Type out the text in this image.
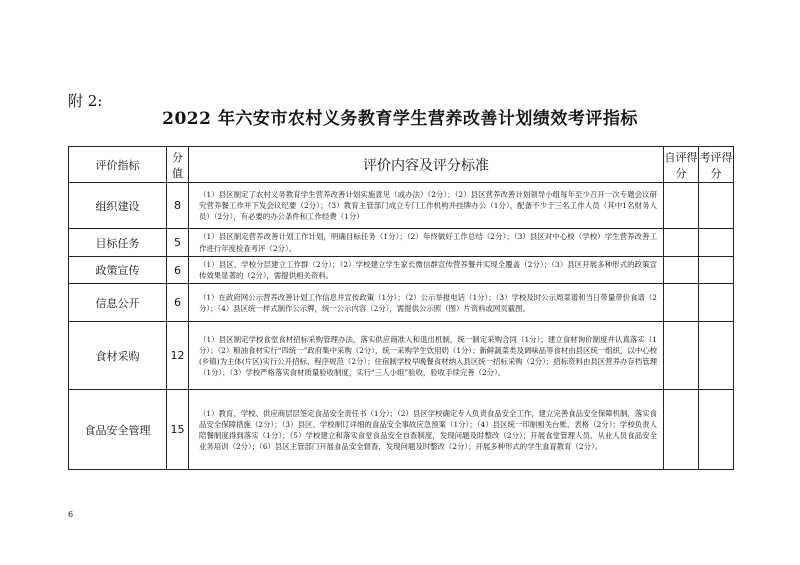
附 2:
2022 年六安市农村义务教育学生营养改善计划绩效考评指标
评价指标	分值	评价内容及评分标准	自评得分	考评得分
组织建设	8	（1）县区制定了农村义务教育学生营养改善计划实施意见（或办法）（2分）；（2）县区营养改善计划领导小组每年至少召开一次专题会议研究营养餐工作并下发会议纪要（2分）；（3）教育主管部门成立专门工作机构并挂牌办公（1分），配备不少于三名工作人员（其中1名财务人员）（2分），有必要的办公条件和工作经费（1分）		
目标任务	5	（1）县区制定营养改善计划工作计划，明确目标任务（1分）；（2）年终做好工作总结（2分）；（3）县区对中心校（学校）学生营养改善工作进行年度检查考评（2分）。		
政策宣传	6	（1）县区、学校分层建立工作群（2分）；（2）学校建立学生家长微信群宣传营养餐并实现全覆盖（2分）；（3）县区开展多种形式的政策宣传效果显著的（2分），需提供相关资料。		
信息公开	6	（1）在政府网公示营养改善计划工作信息并宣传政策（1分）；（2）公示举报电话（1分）；（3）学校及时公示周菜谱和当日带量带价食谱（2分）；（4）县区统一样式制作公示牌，统一公示内容（2分），需提供公示照（图）片资料或网页截图。		
食材采购	12	（1）县区制定学校食堂食材招标采购管理办法，落实供应商准入和退出机制，统一制定采购合同（1分）；建立食材询价制度并认真落实（1分）；（2）粮油食材实行“四统一”政府集中采购（2分），统一采购学生饮用奶（1分）；新鲜蔬菜类及调味品等食材由县区统一组织，以中心校(乡镇)为主体(片区)实行公开招标，程序规范（2分）；住宿制学校早晚餐食材纳入县区统一招标采购（2分）；招标资料由县区营养办存档管理（1分）；（3）学校严格落实食材质量验收制度，实行“三人小组”验收，验收手续完善（2分）。		
食品安全管理	15	（1）教育、学校、供应商层层签定食品安全责任书（1分）；（2）县区学校确定专人负责食品安全工作，建立完善食品安全保障机制，落实食品安全保障措施（2分）；（3）县区、学校制订详细的食品安全事故应急预案（1分）；（4）县区统一印制相关台账、表格（2分）；学校负责人陪餐制度得到落实（1分）；（5）学校建立和落实食堂食品安全自查制度，发现问题及时整改（2分）；开展食堂管理人员、从业人员食品安全业务培训（2分）；（6）县区主管部门开展食品安全督查，发现问题及时整改（2分）；开展多种形式的学生食育教育（2分）。		
6
